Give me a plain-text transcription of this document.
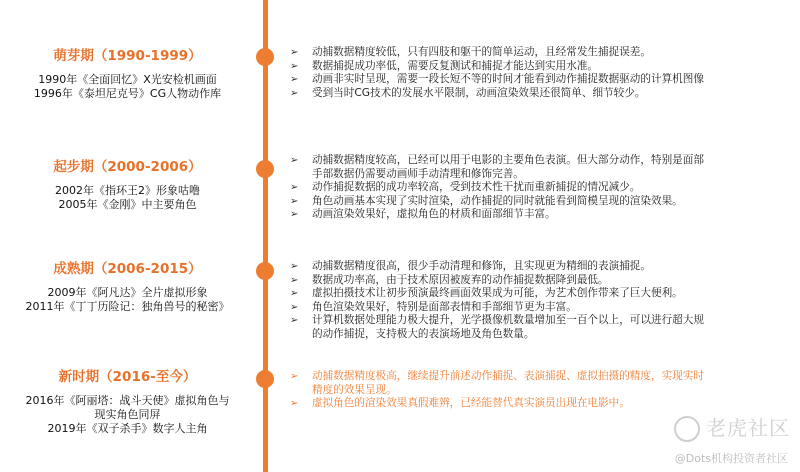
萌芽期（1990-1999）
1990年《全面回忆》X光安检机画面
1996年《泰坦尼克号》CG人物动作库
➢ 动捕数据精度较低，只有四肢和躯干的简单运动，且经常发生捕捉误差。
➢ 数据捕捉成功率低，需要反复测试和捕捉才能达到实用水准。
➢ 动画非实时呈现，需要一段长短不等的时间才能看到动作捕捉数据驱动的计算机图像
➢ 受到当时CG技术的发展水平限制，动画渲染效果还很简单、细节较少。
起步期（2000-2006）
2002年《指环王2》形象咕噜
2005年《金刚》中主要角色
➢ 动捕数据精度较高，已经可以用于电影的主要角色表演。但大部分动作，特别是面部
手部数据仍需要动画师手动清理和修饰完善。
➢ 动作捕捉数据的成功率较高，受到技术性干扰而重新捕捉的情况减少。
➢ 角色动画基本实现了实时渲染，动作捕捉的同时就能看到简模呈现的渲染效果。
➢ 动画渲染效果好，虚拟角色的材质和面部细节丰富。
成熟期（2006-2015）
2009年《阿凡达》全片虚拟形象
2011年《丁丁历险记：独角兽号的秘密》
➢ 动捕数据精度很高，很少手动清理和修饰，且实现更为精细的表演捕捉。
➢ 数据成功率高，由于技术原因被废弃的动作捕捉数据降到最低。
➢ 虚拟拍摄技术让初步预演最终画面效果成为可能，为艺术创作带来了巨大便利。
➢ 角色渲染效果好，特别是面部表情和手部细节更为丰富。
➢ 计算机数据处理能力极大提升，光学摄像机数量增加至一百个以上，可以进行超大规
的动作捕捉，支持极大的表演场地及角色数量。
新时期（2016-至今）
2016年《阿丽塔：战斗天使》虚拟角色与
现实角色同屏
2019年《双子杀手》数字人主角
➢ 动捕数据精度极高，继续提升前述动作捕捉、表演捕捉、虚拟拍摄的精度，实现实时
精度的效果呈现。
➢ 虚拟角色的渲染效果真假难辨，已经能替代真实演员出现在电影中。
老虎社区
@Dots机构投资者社区
